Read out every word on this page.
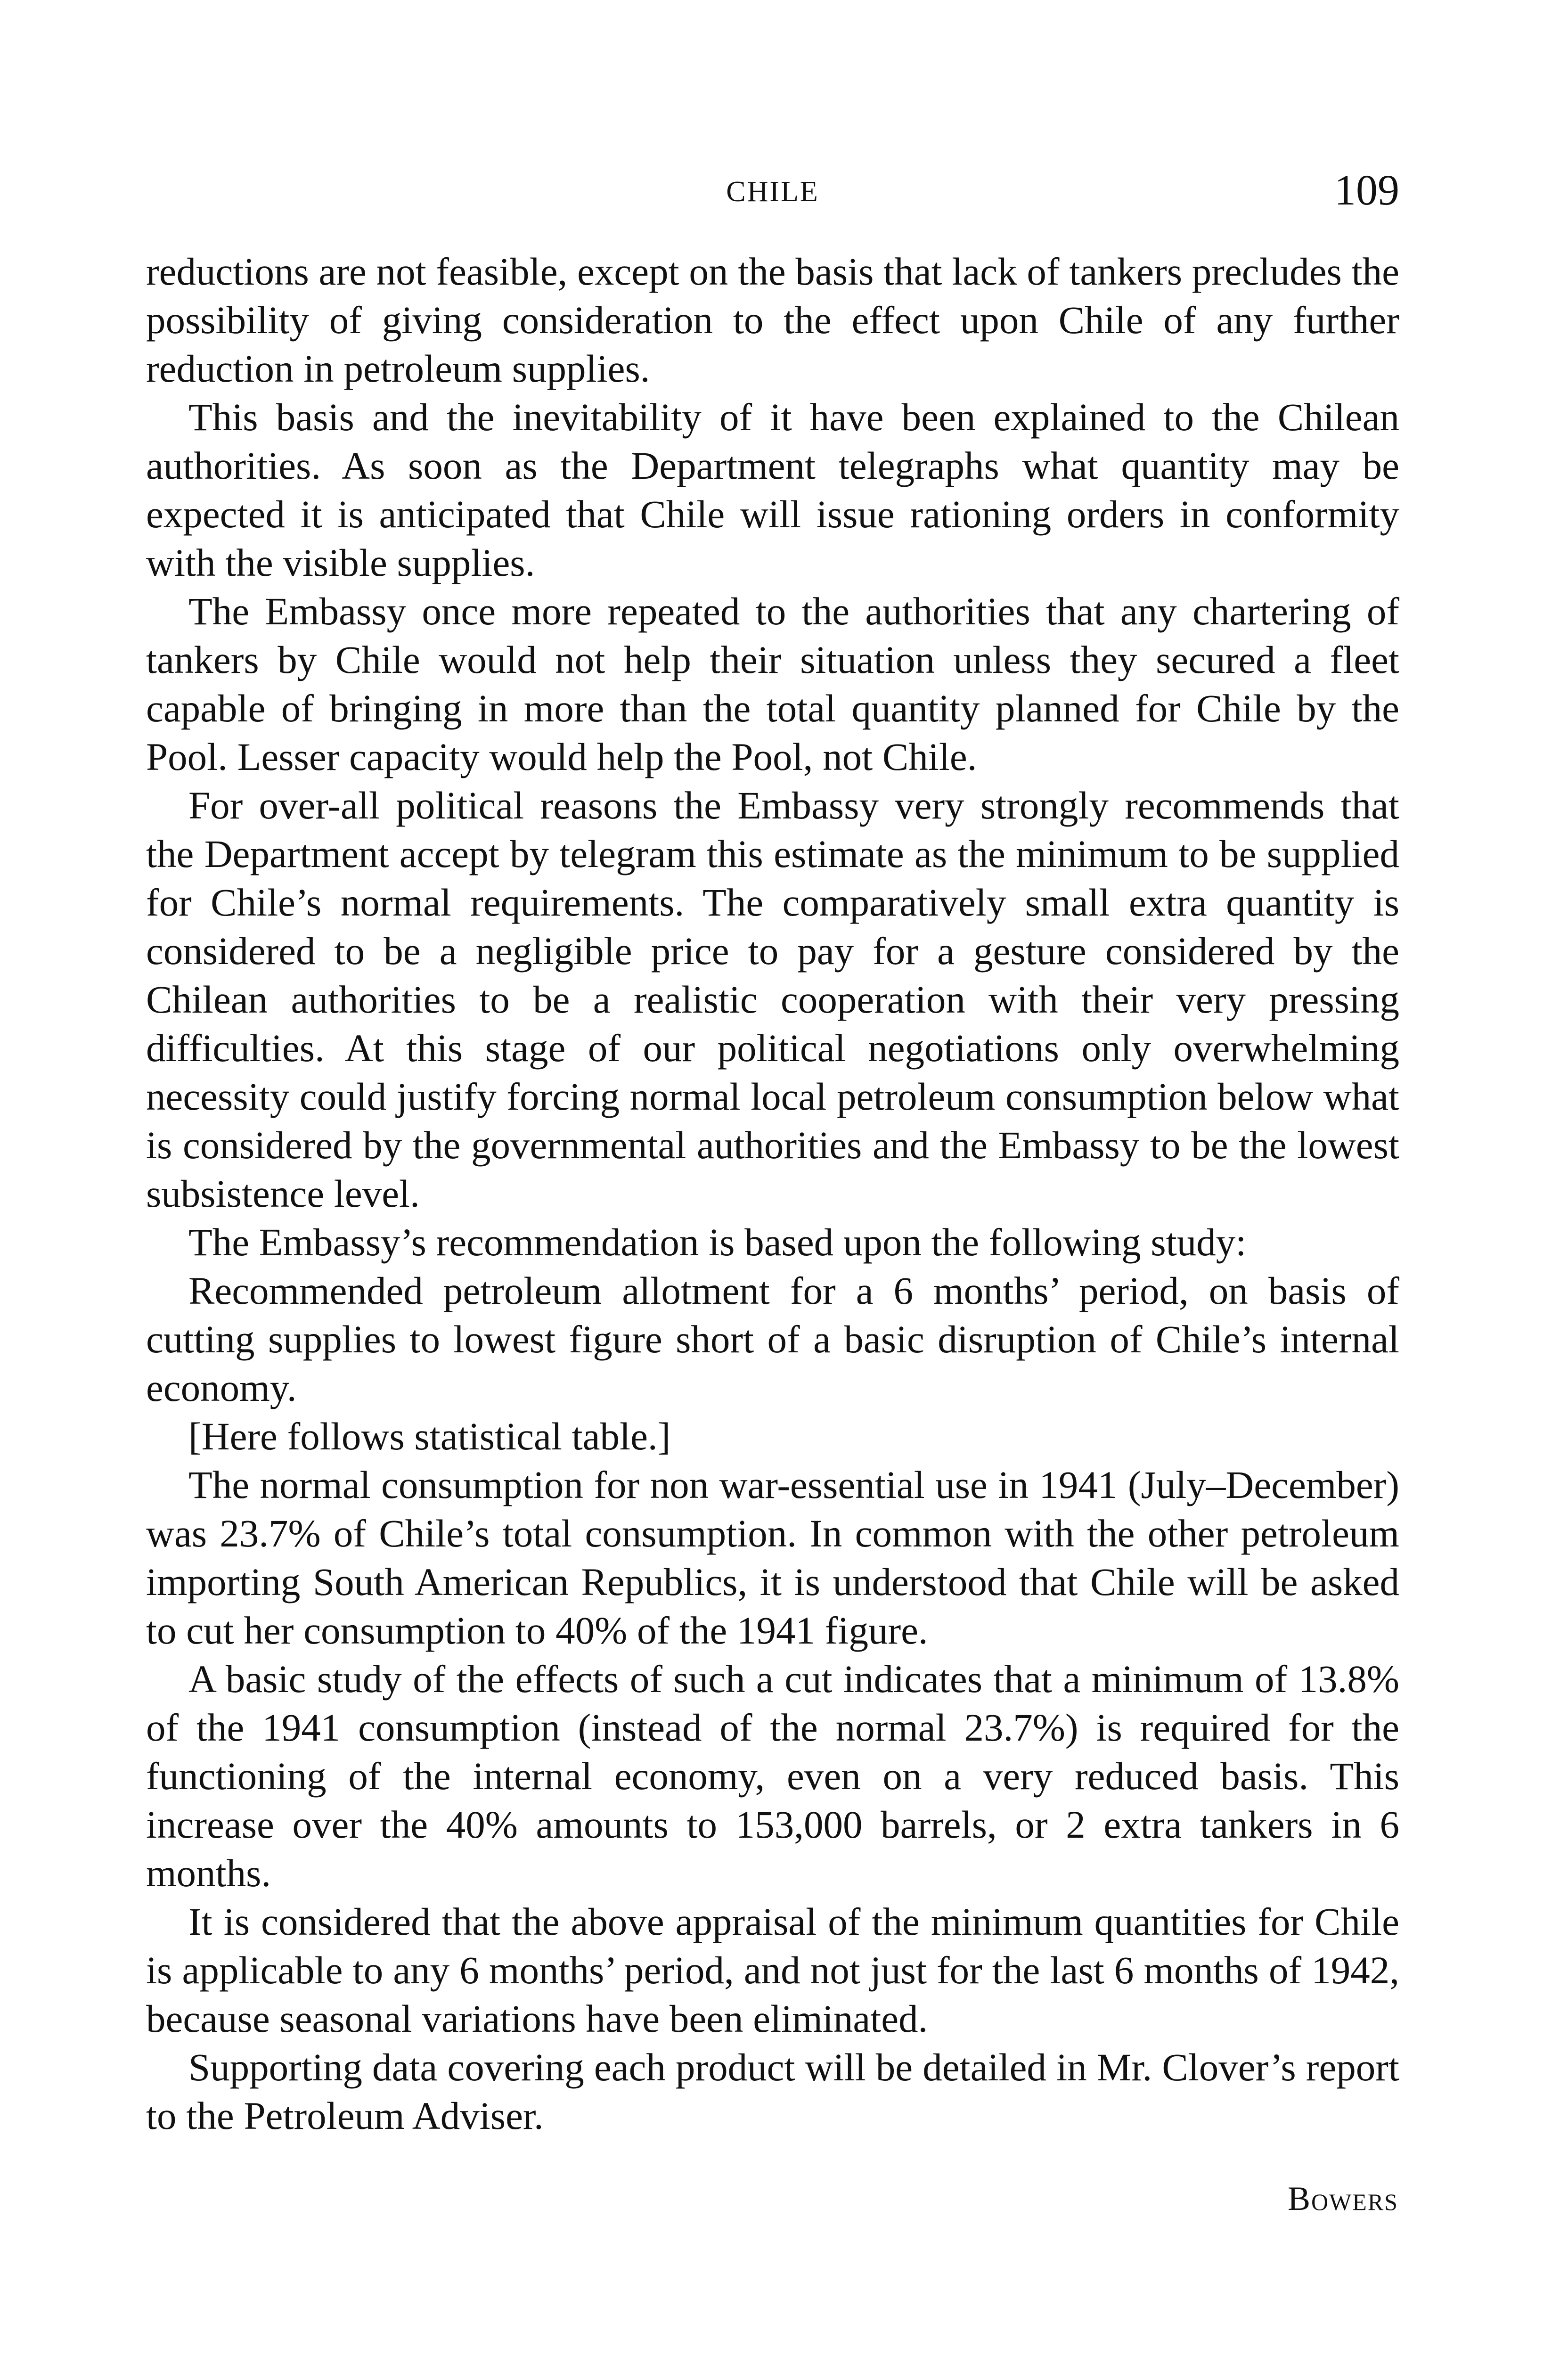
CHILE	109

reductions are not feasible, except on the basis that lack of tankers precludes the possibility of giving consideration to the effect upon Chile of any further reduction in petroleum supplies.

This basis and the inevitability of it have been explained to the Chilean authorities. As soon as the Department telegraphs what quantity may be expected it is anticipated that Chile will issue rationing orders in conformity with the visible supplies.

The Embassy once more repeated to the authorities that any chartering of tankers by Chile would not help their situation unless they secured a fleet capable of bringing in more than the total quantity planned for Chile by the Pool. Lesser capacity would help the Pool, not Chile.

For over-all political reasons the Embassy very strongly recommends that the Department accept by telegram this estimate as the minimum to be supplied for Chile’s normal requirements. The comparatively small extra quantity is considered to be a negligible price to pay for a gesture considered by the Chilean authorities to be a realistic cooperation with their very pressing difficulties. At this stage of our political negotiations only overwhelming necessity could justify forcing normal local petroleum consumption below what is considered by the governmental authorities and the Embassy to be the lowest subsistence level.

The Embassy’s recommendation is based upon the following study:

Recommended petroleum allotment for a 6 months’ period, on basis of cutting supplies to lowest figure short of a basic disruption of Chile’s internal economy.

[Here follows statistical table.]

The normal consumption for non war-essential use in 1941 (July–December) was 23.7% of Chile’s total consumption. In common with the other petroleum importing South American Republics, it is understood that Chile will be asked to cut her consumption to 40% of the 1941 figure.

A basic study of the effects of such a cut indicates that a minimum of 13.8% of the 1941 consumption (instead of the normal 23.7%) is required for the functioning of the internal economy, even on a very reduced basis. This increase over the 40% amounts to 153,000 barrels, or 2 extra tankers in 6 months.

It is considered that the above appraisal of the minimum quantities for Chile is applicable to any 6 months’ period, and not just for the last 6 months of 1942, because seasonal variations have been eliminated.

Supporting data covering each product will be detailed in Mr. Clover’s report to the Petroleum Adviser.

Bowers
